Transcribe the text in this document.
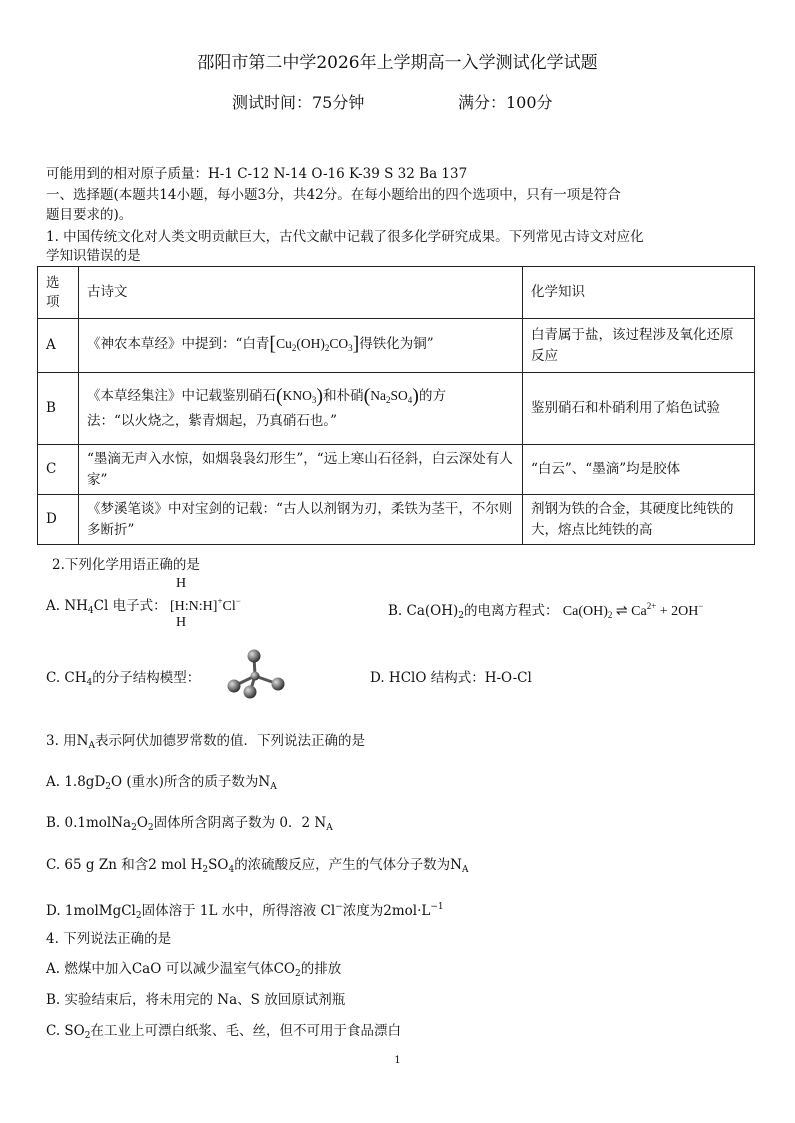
邵阳市第二中学2026年上学期高一入学测试化学试题
测试时间：75分钟	满分：100分
可能用到的相对原子质量：H-1 C-12 N-14 O-16 K-39 S 32 Ba 137
一、选择题(本题共14小题，每小题3分，共42分。在每小题给出的四个选项中，只有一项是符合
题目要求的)。
1. 中国传统文化对人类文明贡献巨大，古代文献中记载了很多化学研究成果。下列常见古诗文对应化
学知识错误的是
选项	古诗文	化学知识
A	《神农本草经》中提到：“白青$[Cu_2(OH)_2CO_3]$得铁化为铜”	白青属于盐，该过程涉及氧化还原反应
B	《本草经集注》中记载鉴别硝石$(KNO_3)$和朴硝$(Na_2SO_4)$的方
法：“以火烧之，紫青烟起，乃真硝石也。”	鉴别硝石和朴硝利用了焰色试验
C	“墨滴无声入水惊，如烟袅袅幻形生”，“远上寒山石径斜，白云深处有人家”	“白云”、“墨滴”均是胶体
D	《梦溪笔谈》中对宝剑的记载：“古人以剂钢为刃，柔铁为茎干，不尔则多断折”	剂钢为铁的合金，其硬度比纯铁的大，熔点比纯铁的高
2.下列化学用语正确的是
A. $NH_4Cl$ 电子式：
H
[H:N:H]+Cl−
H
B. $Ca(OH)_2$的电离方程式： $Ca(OH)_2$ ⇌ $Ca^{2+} + 2OH^-$
C. $CH_4$的分子结构模型：	D. HClO 结构式：H-O-Cl
3. 用$N_A$表示阿伏加德罗常数的值．下列说法正确的是
A. $1.8gD_2O$ (重水)所含的质子数为$N_A$
B. $0.1molNa_2O_2$固体所含阴离子数为 0．2 $N_A$
C. 65 g Zn 和含2 mol $H_2SO_4$的浓硫酸反应，产生的气体分子数为$N_A$
D. 1molMgCl$_2$固体溶于 1L 水中，所得溶液 Cl−浓度为$2mol\cdot L^{-1}$
4. 下列说法正确的是
A. 燃煤中加入CaO 可以减少温室气体$CO_2$的排放
B. 实验结束后，将未用完的 Na、S 放回原试剂瓶
C. $SO_2$在工业上可漂白纸浆、毛、丝，但不可用于食品漂白
1
